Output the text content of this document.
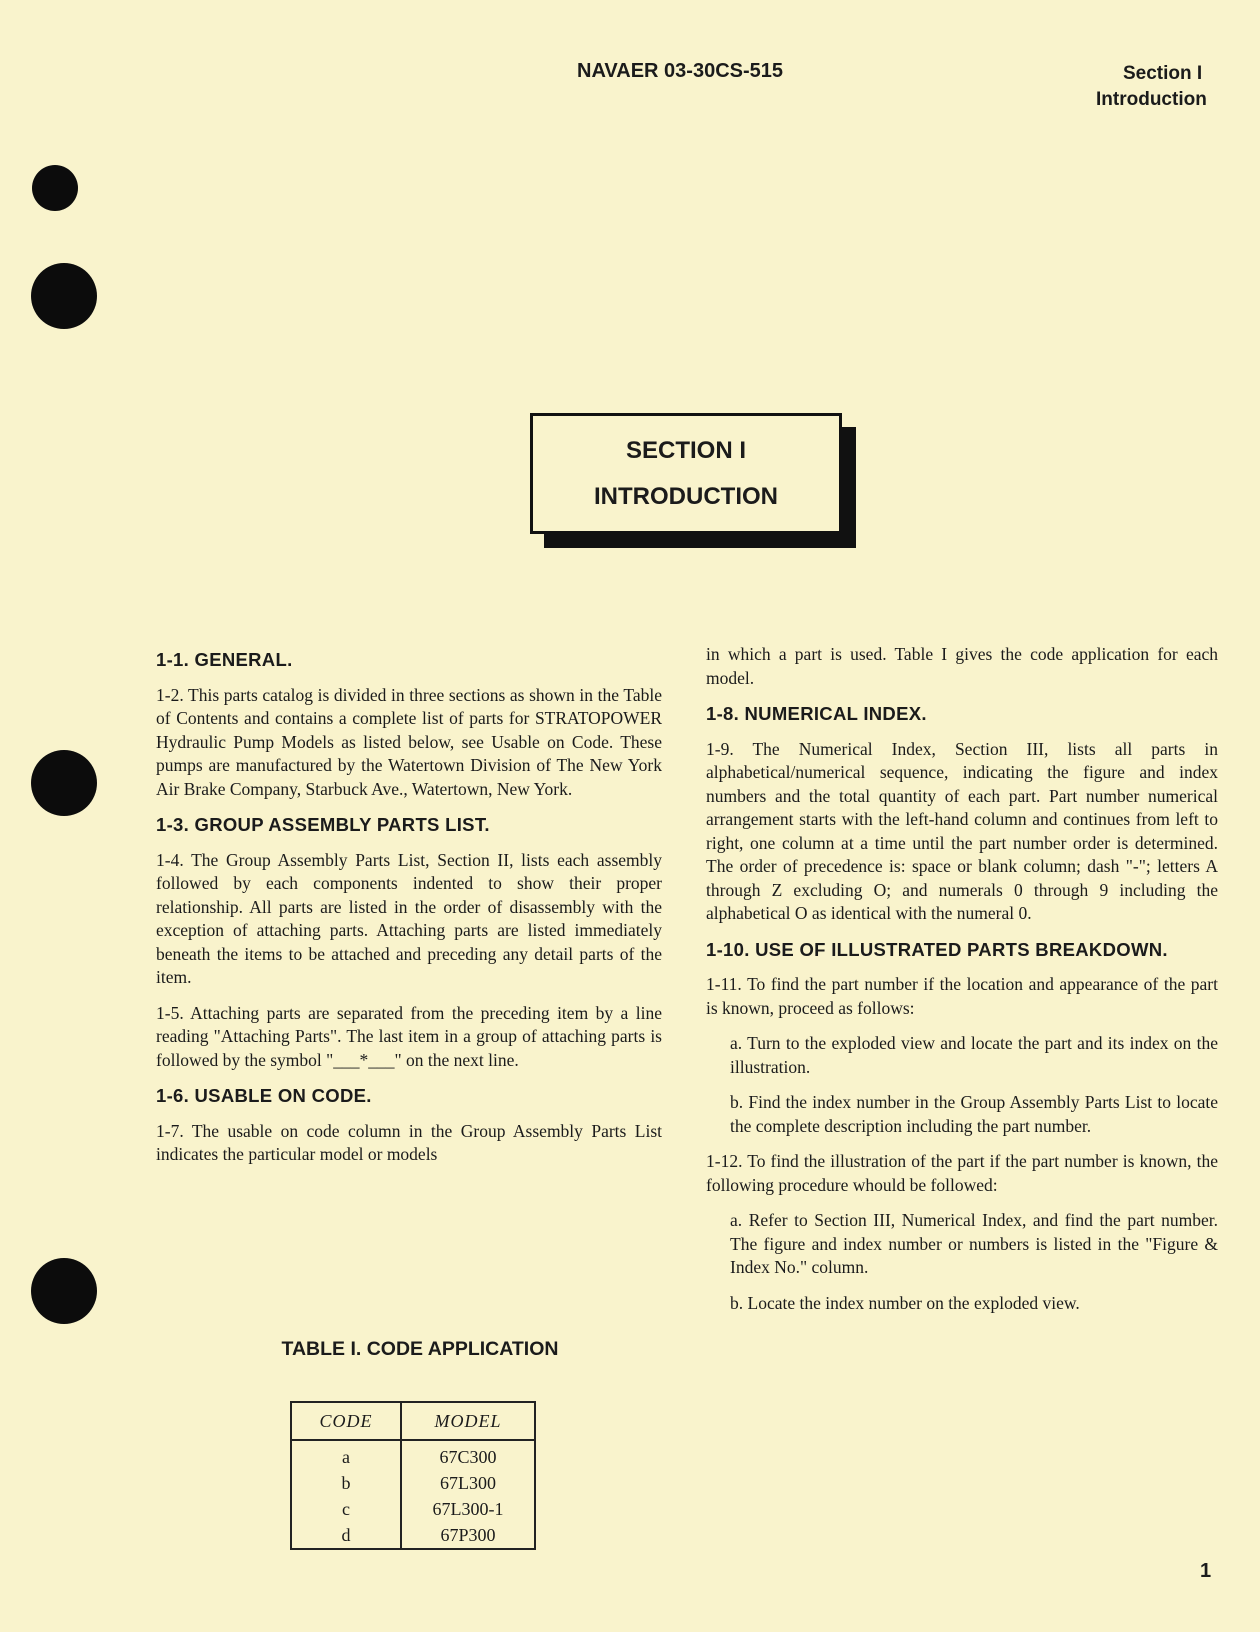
NAVAER 03-30CS-515	Section I
Introduction
SECTION I
INTRODUCTION
1-1. GENERAL.
1-2. This parts catalog is divided in three sections as shown in the Table of Contents and contains a complete list of parts for STRATOPOWER Hydraulic Pump Models as listed below, see Usable on Code. These pumps are manufactured by the Watertown Division of The New York Air Brake Company, Starbuck Ave., Watertown, New York.
1-3. GROUP ASSEMBLY PARTS LIST.
1-4. The Group Assembly Parts List, Section II, lists each assembly followed by each components indented to show their proper relationship. All parts are listed in the order of disassembly with the exception of attaching parts. Attaching parts are listed immediately beneath the items to be attached and preceding any detail parts of the item.
1-5. Attaching parts are separated from the preceding item by a line reading "Attaching Parts". The last item in a group of attaching parts is followed by the symbol "___*___" on the next line.
1-6. USABLE ON CODE.
1-7. The usable on code column in the Group Assembly Parts List indicates the particular model or models
TABLE I. CODE APPLICATION
CODE	MODEL
a	67C300
b	67L300
c	67L300-1
d	67P300
in which a part is used. Table I gives the code application for each model.
1-8. NUMERICAL INDEX.
1-9. The Numerical Index, Section III, lists all parts in alphabetical/numerical sequence, indicating the figure and index numbers and the total quantity of each part. Part number numerical arrangement starts with the left-hand column and continues from left to right, one column at a time until the part number order is determined. The order of precedence is: space or blank column; dash "-"; letters A through Z excluding O; and numerals 0 through 9 including the alphabetical O as identical with the numeral 0.
1-10. USE OF ILLUSTRATED PARTS BREAKDOWN.
1-11. To find the part number if the location and appearance of the part is known, proceed as follows:
a. Turn to the exploded view and locate the part and its index on the illustration.
b. Find the index number in the Group Assembly Parts List to locate the complete description including the part number.
1-12. To find the illustration of the part if the part number is known, the following procedure whould be followed:
a. Refer to Section III, Numerical Index, and find the part number. The figure and index number or numbers is listed in the "Figure & Index No." column.
b. Locate the index number on the exploded view.
1
